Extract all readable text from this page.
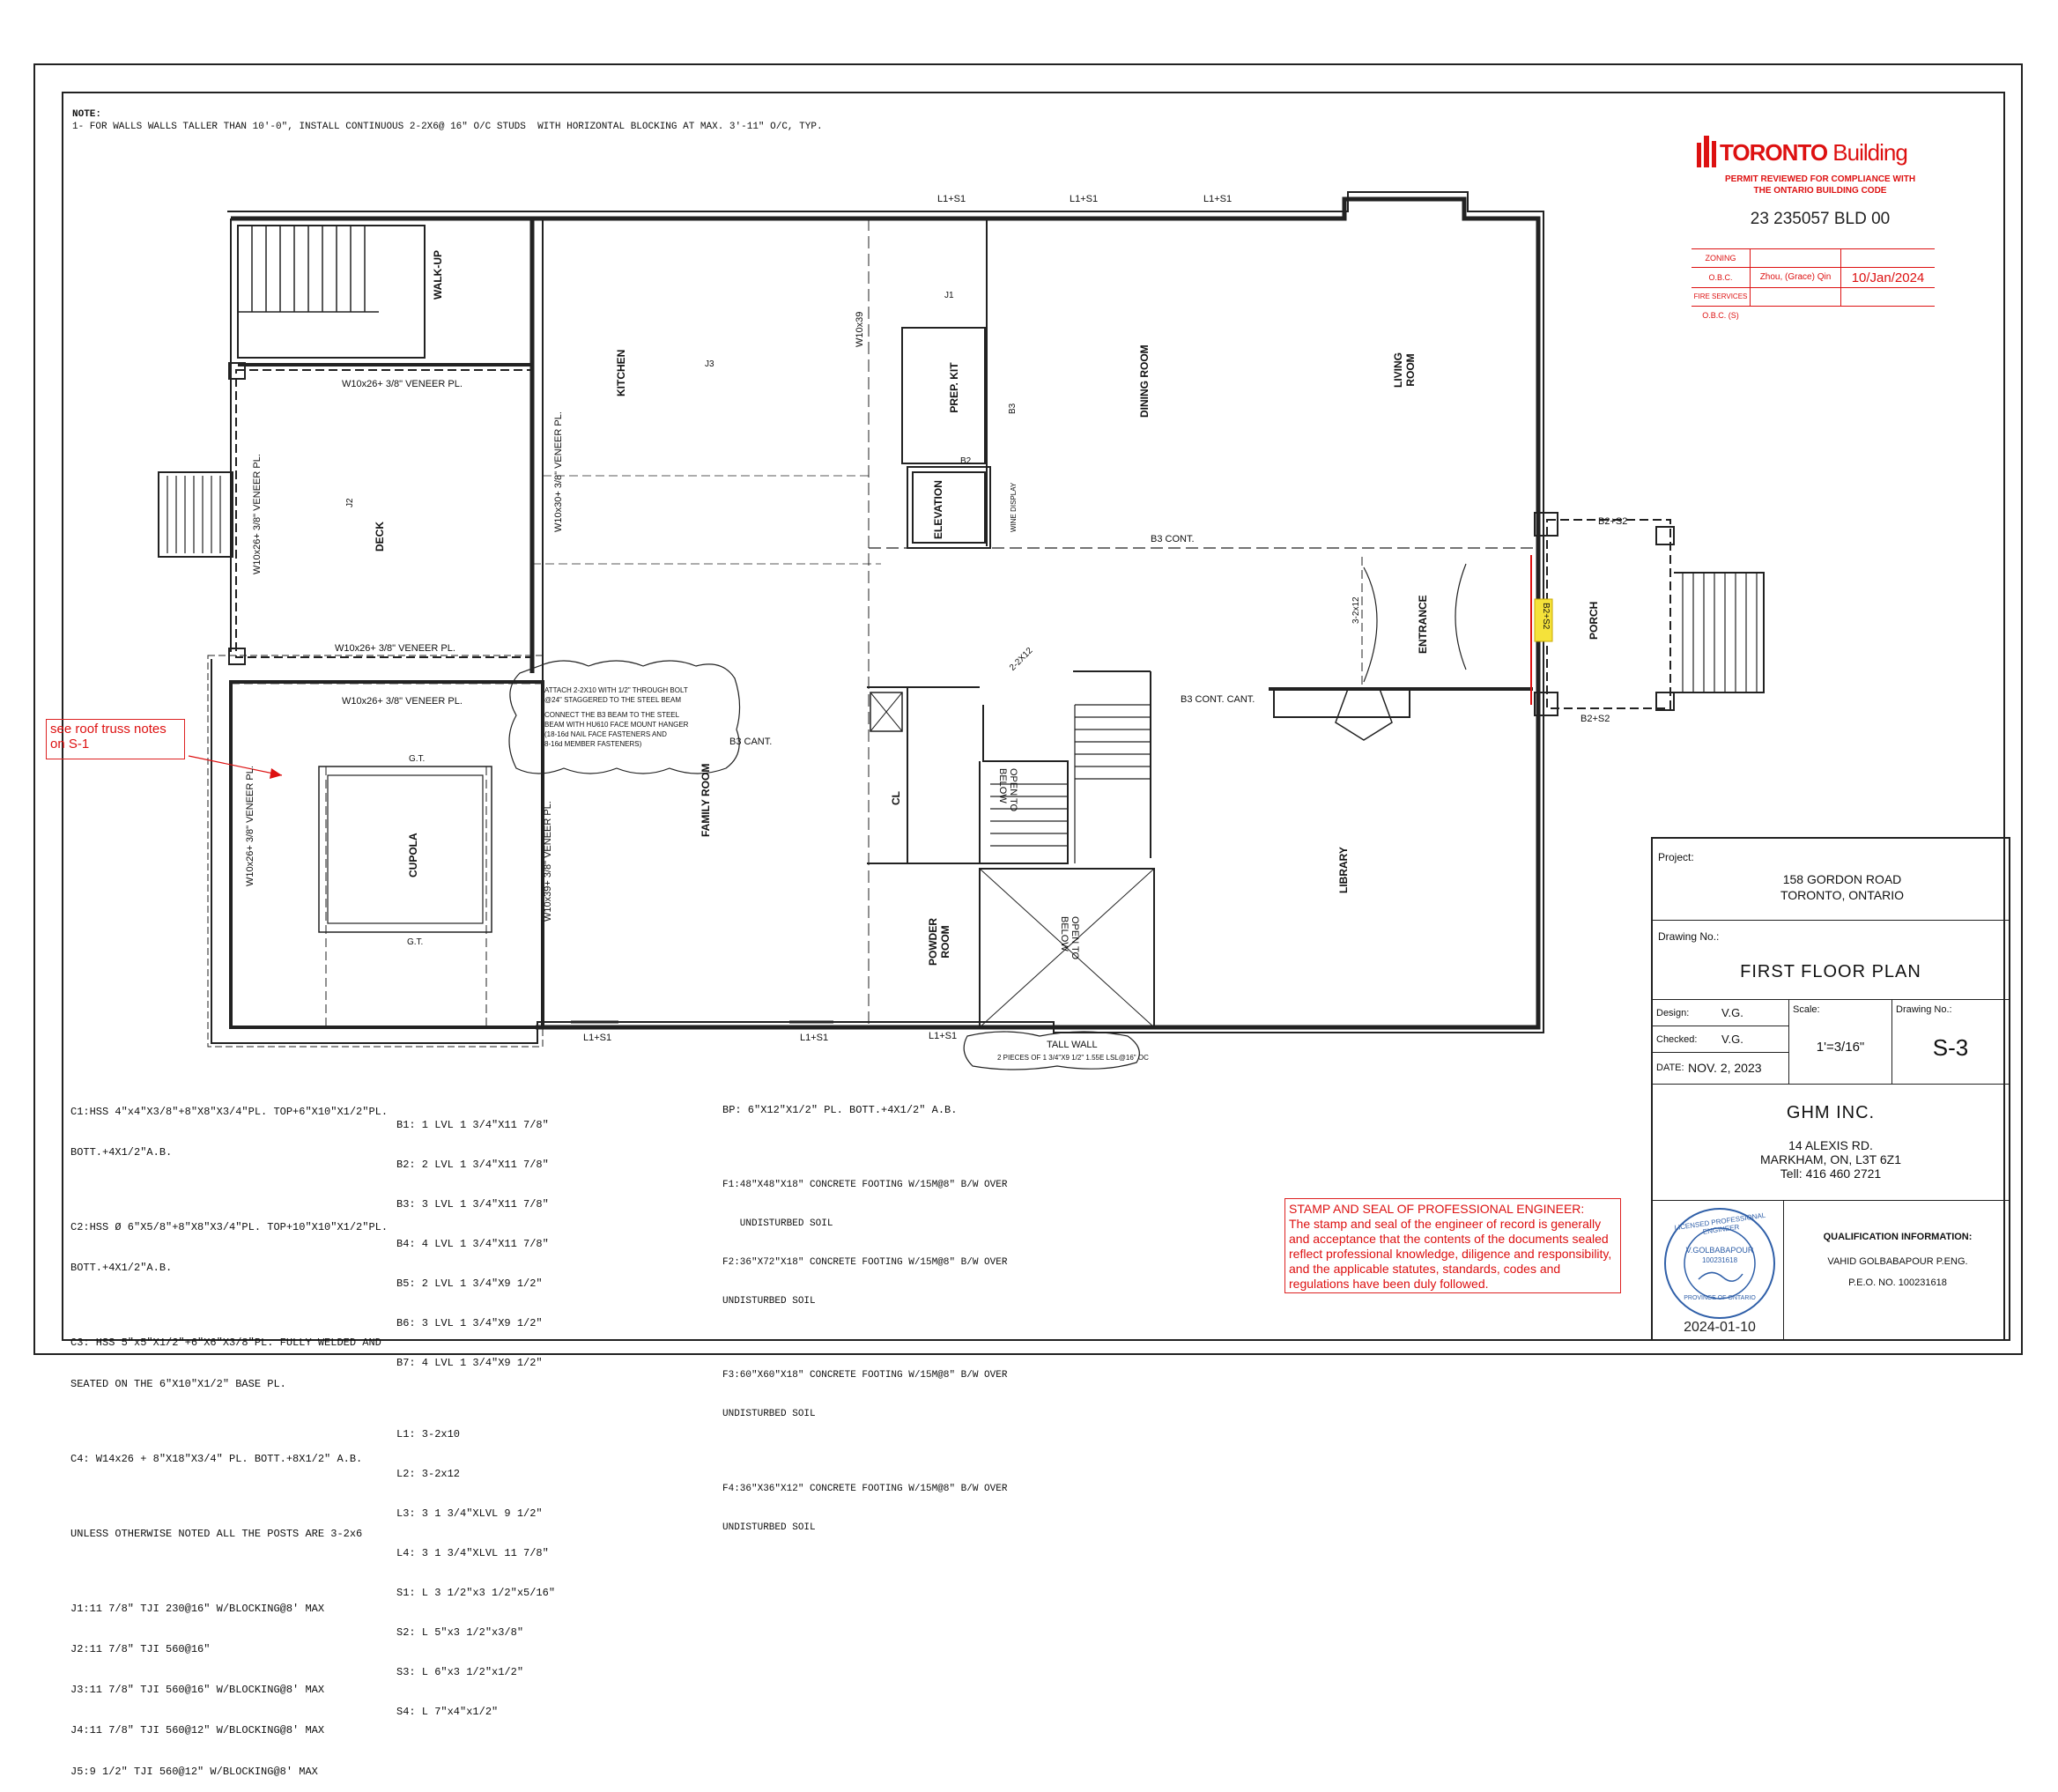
NOTE:
1- FOR WALLS WALLS TALLER THAN 10'-0", INSTALL CONTINUOUS 2-2X6@ 16" O/C STUDS  WITH HORIZONTAL BLOCKING AT MAX. 3'-11" O/C, TYP.
WALK-UP
KITCHEN
DECK
PREP. KIT
ELEVATION	WINE DISPLAY
DINING ROOM	LIVING ROOM
ENTRANCE	PORCH
FAMILY ROOM
CUPOLA
CL	OPEN TO BELOW
OPEN TO BELOW
POWDER ROOM
LIBRARY
L1+S1	L1+S1	L1+S1
L1+S1	L1+S1	L1+S1
B2+S2
B2+S2
B2+S2
B3 CONT.
B3 CONT. CANT.
B3 CANT.
W10x26+ 3/8" VENEER PL.
W10x26+ 3/8" VENEER PL.
W10x26+ 3/8" VENEER PL.
W10x30+ 3/8" VENEER PL.
W10x39+ 3/8" VENEER PL.
W10x26+ 3/8" VENEER PL.
W10x26+ 3/8" VENEER PL.
W10x39
G.T.
G.T.
TALL WALL
2 PIECES OF 1 3/4"X9 1/2" 1.55E LSL@16" OC
B2
B3
J3
J1
J2
2-2X12
3-2x12
ATTACH 2-2X10 WITH 1/2" THROUGH BOLT
@24" STAGGERED TO THE STEEL BEAM
CONNECT THE B3 BEAM TO THE STEEL
BEAM WITH HU610 FACE MOUNT HANGER
(18-16d NAIL FACE FASTENERS AND
8-16d MEMBER FASTENERS)
see roof truss notes on S-1
TORONTO Building
PERMIT REVIEWED FOR COMPLIANCE WITH
THE ONTARIO BUILDING CODE
23 235057 BLD 00
ZONING
O.B.C.	Zhou, (Grace) Qin	10/Jan/2024
FIRE SERVICES
O.B.C. (S)

C1:HSS 4"x4"X3/8"+8"X8"X3/4"PL. TOP+6"X10"X1/2"PL.

BOTT.+4X1/2"A.B.

C2:HSS Ø 6"X5/8"+8"X8"X3/4"PL. TOP+10"X10"X1/2"PL.

BOTT.+4X1/2"A.B.

C3: HSS 5"x5"X1/2"+6"X6"X3/8"PL. FULLY WELDED AND

SEATED ON THE 6"X10"X1/2" BASE PL.

C4: W14x26 + 8"X18"X3/4" PL. BOTT.+8X1/2" A.B.

UNLESS OTHERWISE NOTED ALL THE POSTS ARE 3-2x6

J1:11 7/8" TJI 230@16" W/BLOCKING@8' MAX

J2:11 7/8" TJI 560@16"

J3:11 7/8" TJI 560@16" W/BLOCKING@8' MAX

J4:11 7/8" TJI 560@12" W/BLOCKING@8' MAX

J5:9 1/2" TJI 560@12" W/BLOCKING@8' MAX

B1: 1 LVL 1 3/4"X11 7/8"

B2: 2 LVL 1 3/4"X11 7/8"

B3: 3 LVL 1 3/4"X11 7/8"

B4: 4 LVL 1 3/4"X11 7/8"

B5: 2 LVL 1 3/4"X9 1/2"

B6: 3 LVL 1 3/4"X9 1/2"

B7: 4 LVL 1 3/4"X9 1/2"

L1: 3-2x10

L2: 3-2x12

L3: 3 1 3/4"XLVL 9 1/2"

L4: 3 1 3/4"XLVL 11 7/8"

S1: L 3 1/2"x3 1/2"x5/16"

S2: L 5"x3 1/2"x3/8"

S3: L 6"x3 1/2"x1/2"

S4: L 7"x4"x1/2"

BP: 6"X12"X1/2" PL. BOTT.+4X1/2" A.B.

F1:48"X48"X18" CONCRETE FOOTING W/15M@8" B/W OVER

UNDISTURBED SOIL

F2:36"X72"X18" CONCRETE FOOTING W/15M@8" B/W OVER

UNDISTURBED SOIL

F3:60"X60"X18" CONCRETE FOOTING W/15M@8" B/W OVER

UNDISTURBED SOIL

F4:36"X36"X12" CONCRETE FOOTING W/15M@8" B/W OVER

UNDISTURBED SOIL

STAMP AND SEAL OF PROFESSIONAL ENGINEER:
The stamp and seal of the engineer of record is generally and acceptance that the contents of the documents sealed reflect professional knowledge, diligence and responsibility, and the applicable statutes, standards, codes and regulations have been duly followed.
Project:
158 GORDON ROAD
TORONTO, ONTARIO
Drawing No.:
FIRST FLOOR PLAN
Design:	V.G.
Checked: V.G.
DATE: NOV. 2, 2023
Scale:
1'=3/16"
Drawing No.:
S-3
GHM INC.
14 ALEXIS RD.
MARKHAM, ON, L3T 6Z1
Tell: 416 460 2721
LICENSED PROFESSIONAL ENGINEER
V.GOLBABAPOUR
100231618
PROVINCE OF ONTARIO
2024-01-10
QUALIFICATION INFORMATION:
VAHID GOLBABAPOUR P.ENG.
P.E.O. NO. 100231618
